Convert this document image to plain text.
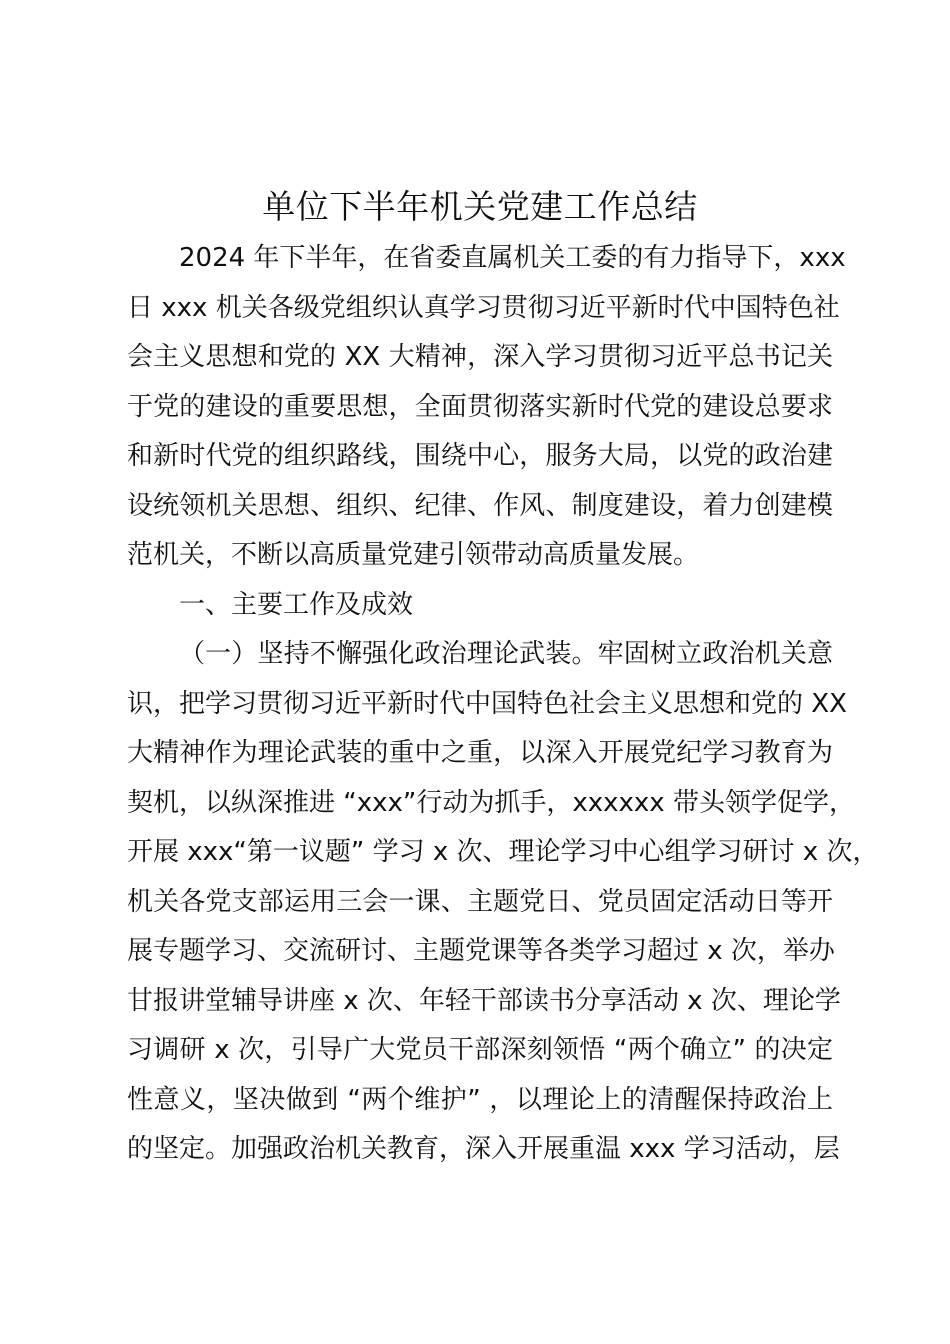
单位下半年机关党建工作总结
2024 年下半年，在省委直属机关工委的有力指导下，xxx
日 xxx 机关各级党组织认真学习贯彻习近平新时代中国特色社
会主义思想和党的 XX 大精神，深入学习贯彻习近平总书记关
于党的建设的重要思想，全面贯彻落实新时代党的建设总要求
和新时代党的组织路线，围绕中心，服务大局，以党的政治建
设统领机关思想、组织、纪律、作风、制度建设，着力创建模
范机关，不断以高质量党建引领带动高质量发展。
一、主要工作及成效
（一）坚持不懈强化政治理论武装。牢固树立政治机关意
识，把学习贯彻习近平新时代中国特色社会主义思想和党的 XX
大精神作为理论武装的重中之重，以深入开展党纪学习教育为
契机，以纵深推进 “xxx”行动为抓手，xxxxxx 带头领学促学，
开展 xxx“第一议题” 学习 x 次、理论学习中心组学习研讨 x 次，
机关各党支部运用三会一课、主题党日、党员固定活动日等开
展专题学习、交流研讨、主题党课等各类学习超过 x 次，举办
甘报讲堂辅导讲座 x 次、年轻干部读书分享活动 x 次、理论学
习调研 x 次，引导广大党员干部深刻领悟 “两个确立” 的决定
性意义，坚决做到 “两个维护” ，以理论上的清醒保持政治上
的坚定。加强政治机关教育，深入开展重温 xxx 学习活动，层
